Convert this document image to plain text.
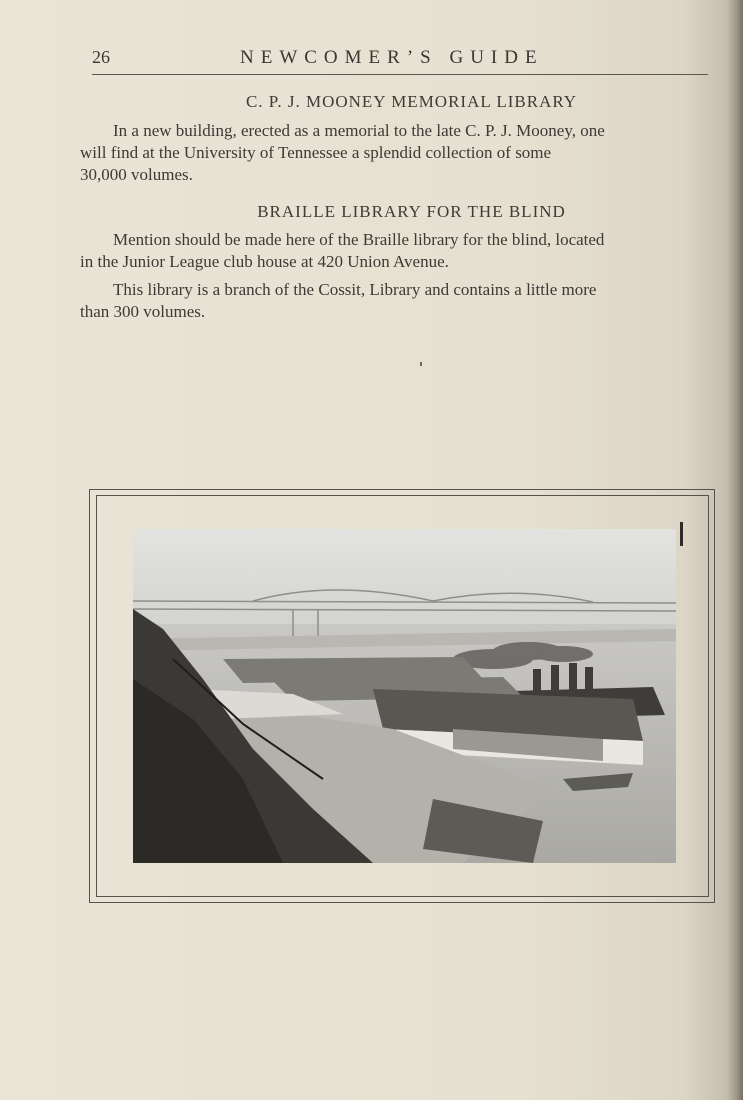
26	NEWCOMER’S GUIDE
C. P. J. MOONEY MEMORIAL LIBRARY
In a new building, erected as a memorial to the late C. P. J. Mooney, one
will find at the University of Tennessee a splendid collection of some
30,000 volumes.
BRAILLE LIBRARY FOR THE BLIND
Mention should be made here of the Braille library for the blind, located
in the Junior League club house at 420 Union Avenue.
This library is a branch of the Cossit, Library and contains a little more
than 300 volumes.
